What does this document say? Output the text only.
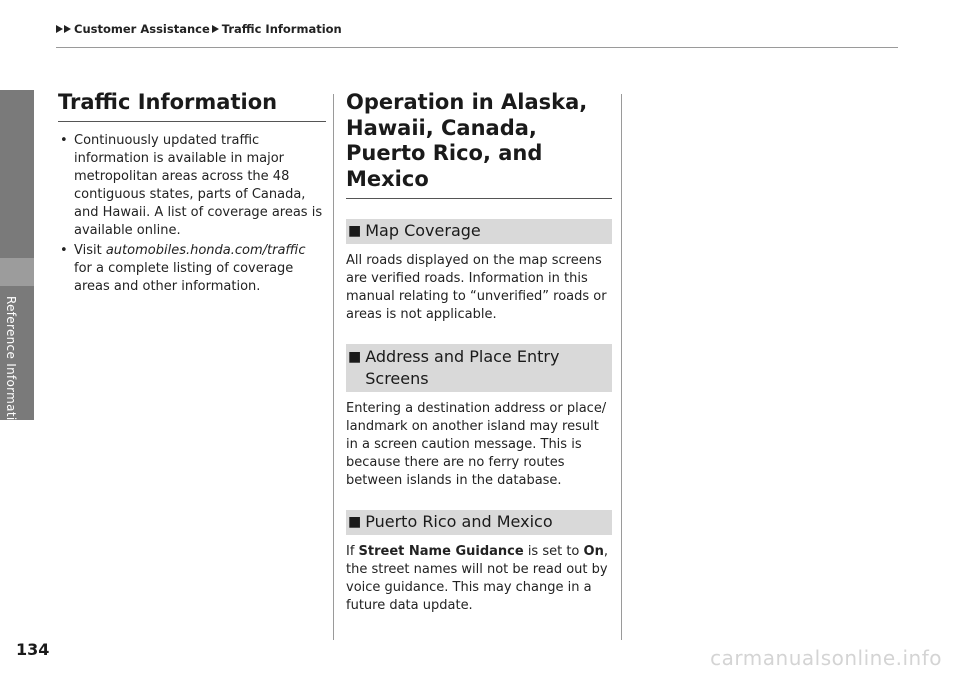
Reference Information
Customer Assistance Traffic Information
Traffic Information
• Continuously updated traffic information is available in major metropolitan areas across the 48 contiguous states, parts of Canada, and Hawaii. A list of coverage areas is available online.
• Visit automobiles.honda.com/traffic for a complete listing of coverage areas and other information.
Operation in Alaska, Hawaii, Canada, Puerto Rico, and Mexico
■ Map Coverage

All roads displayed on the map screens are verified roads. Information in this manual relating to “unverified” roads or areas is not applicable.

■ Address and Place Entry Screens

Entering a destination address or place/ landmark on another island may result in a screen caution message. This is because there are no ferry routes between islands in the database.

■ Puerto Rico and Mexico

If Street Name Guidance is set to On, the street names will not be read out by voice guidance. This may change in a future data update.

134	carmanualsonline.info
